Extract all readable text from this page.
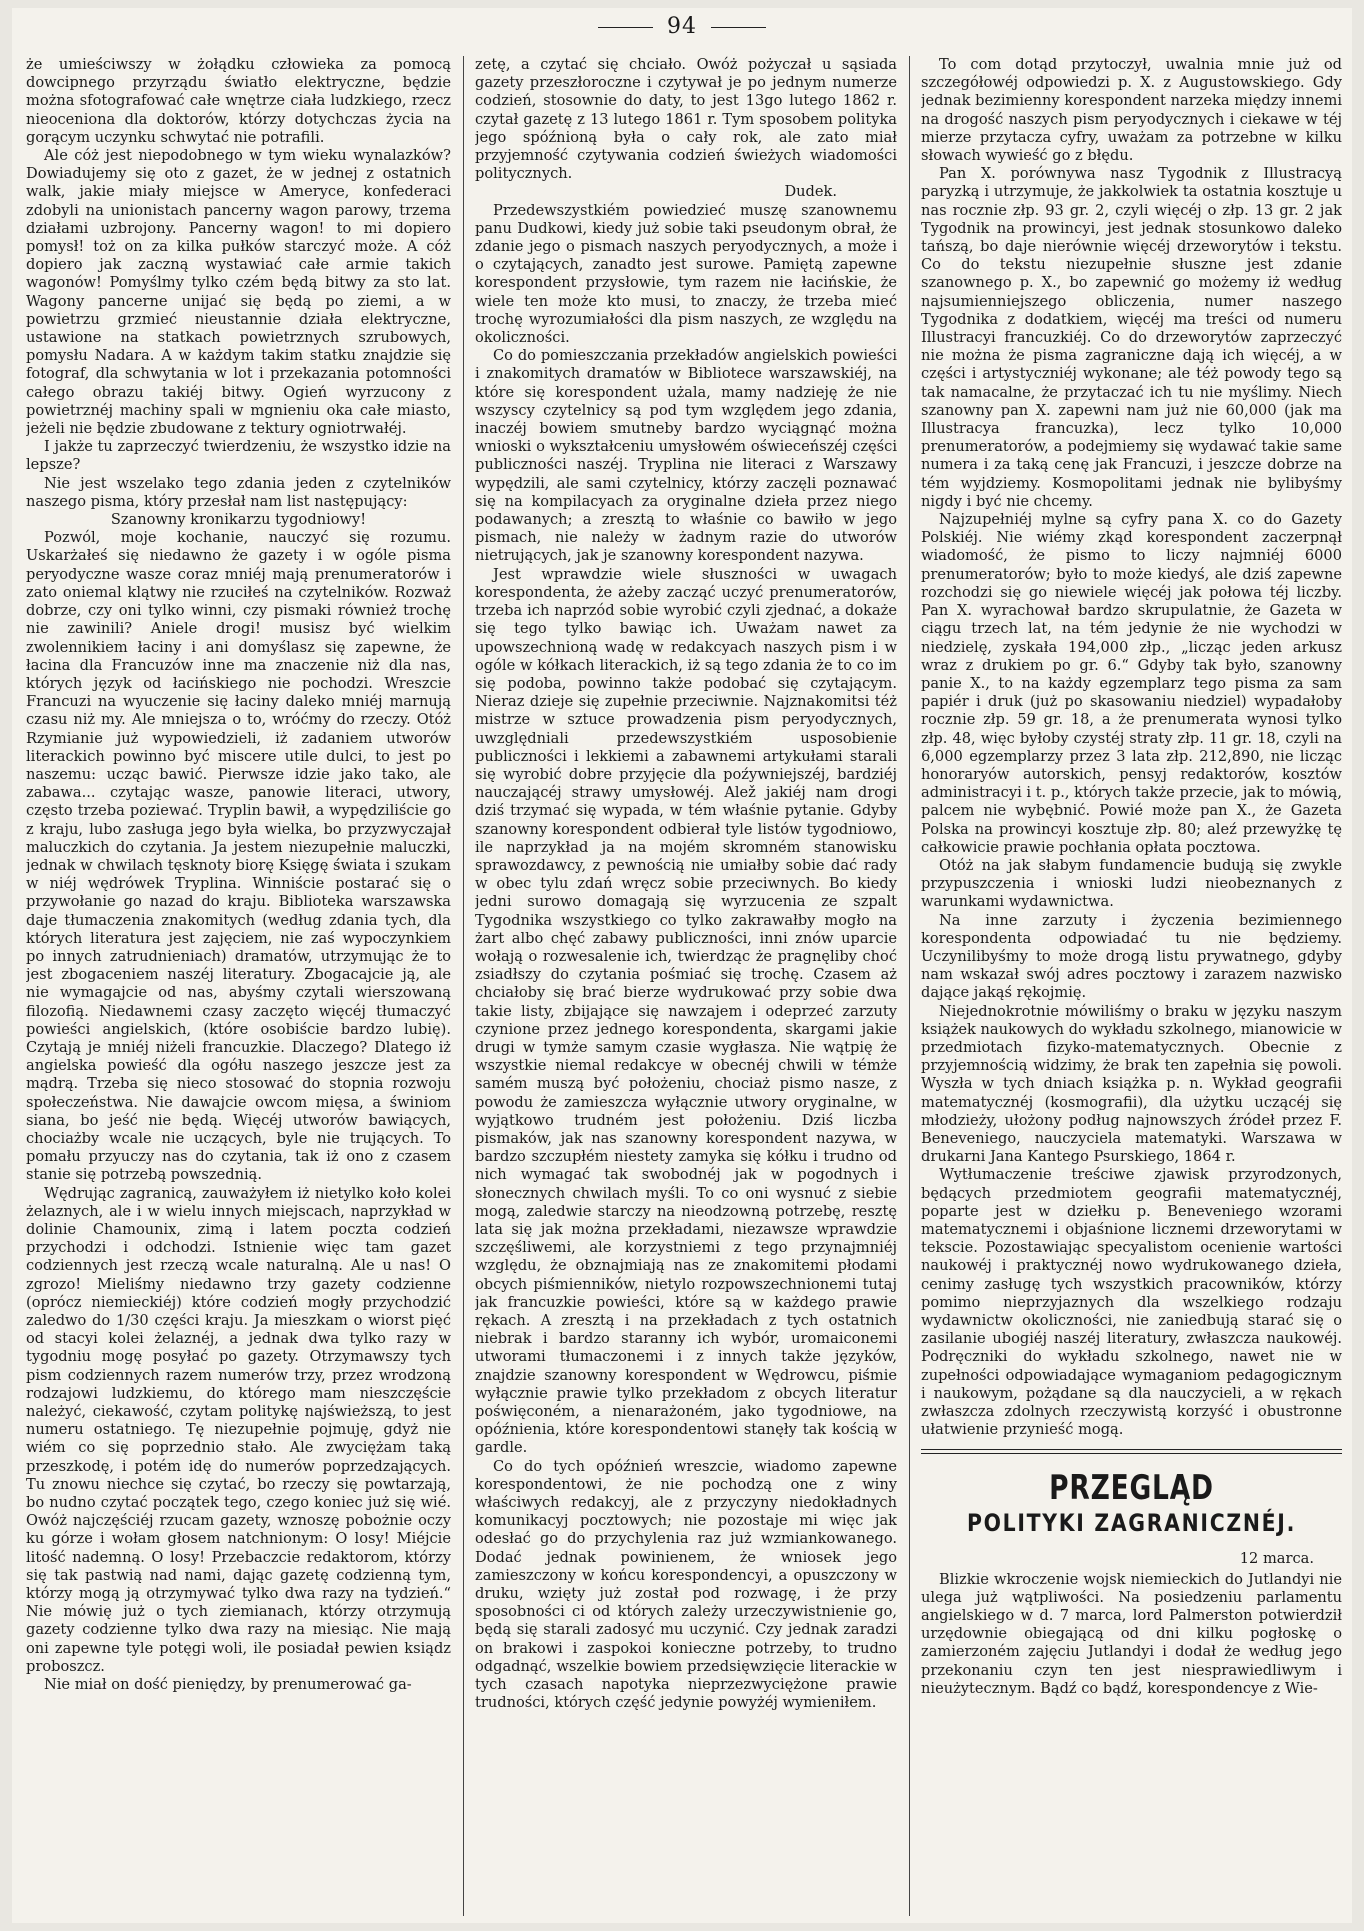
94

że umieściwszy w żołądku człowieka za pomocą dowcipnego przyrządu światło elektryczne, będzie można sfotografować całe wnętrze ciała ludzkiego, rzecz nieoceniona dla doktorów, którzy dotychczas życia na gorącym uczynku schwytać nie potrafili.

Ale cóż jest niepodobnego w tym wieku wynalazków? Dowiadujemy się oto z gazet, że w jednej z ostatnich walk, jakie miały miejsce w Ameryce, konfederaci zdobyli na unionistach pancerny wagon parowy, trzema działami uzbrojony. Pancerny wagon! to mi dopiero pomysł! toż on za kilka pułków starczyć może. A cóż dopiero jak zaczną wystawiać całe armie takich wagonów! Pomyślmy tylko czém będą bitwy za sto lat. Wagony pancerne unijać się będą po ziemi, a w powietrzu grzmieć nieustannie działa elektryczne, ustawione na statkach powietrznych szrubowych, pomysłu Nadara. A w każdym takim statku znajdzie się fotograf, dla schwytania w lot i przekazania potomności całego obrazu takiéj bitwy. Ogień wyrzucony z powietrznéj machiny spali w mgnieniu oka całe miasto, jeżeli nie będzie zbudowane z tektury ogniotrwałéj.

I jakże tu zaprzeczyć twierdzeniu, że wszystko idzie na lepsze?

Nie jest wszelako tego zdania jeden z czytelników naszego pisma, który przesłał nam list następujący:

Szanowny kronikarzu tygodniowy!

Pozwól, moje kochanie, nauczyć się rozumu. Uskarżałeś się niedawno że gazety i w ogóle pisma peryodyczne wasze coraz mniéj mają prenumeratorów i zato oniemal klątwy nie rzuciłeś na czytelników. Rozważ dobrze, czy oni tylko winni, czy pismaki również trochę nie zawinili? Aniele drogi! musisz być wielkim zwolennikiem łaciny i ani domyślasz się zapewne, że łacina dla Francuzów inne ma znaczenie niż dla nas, których język od łacińskiego nie pochodzi. Wreszcie Francuzi na wyuczenie się łaciny daleko mniéj marnują czasu niż my. Ale mniejsza o to, wróćmy do rzeczy. Otóż Rzymianie już wypowiedzieli, iż zadaniem utworów literackich powinno być miscere utile dulci, to jest po naszemu: ucząc bawić. Pierwsze idzie jako tako, ale zabawa... czytając wasze, panowie literaci, utwory, często trzeba poziewać. Tryplin bawił, a wypędziliście go z kraju, lubo zasługa jego była wielka, bo przyzwyczajał maluczkich do czytania. Ja jestem niezupełnie maluczki, jednak w chwilach tęsknoty biorę Księgę świata i szukam w niéj wędrówek Tryplina. Winniście postarać się o przywołanie go nazad do kraju. Biblioteka warszawska daje tłumaczenia znakomitych (według zdania tych, dla których literatura jest zajęciem, nie zaś wypoczynkiem po innych zatrudnieniach) dramatów, utrzymując że to jest zbogaceniem naszéj literatury. Zbogacajcie ją, ale nie wymagajcie od nas, abyśmy czytali wierszowaną filozofią. Niedawnemi czasy zaczęto więcéj tłumaczyć powieści angielskich, (które osobiście bardzo lubię). Czytają je mniéj niżeli francuzkie. Dlaczego? Dlatego iż angielska powieść dla ogółu naszego jeszcze jest za mądrą. Trzeba się nieco stosować do stopnia rozwoju społeczeństwa. Nie dawajcie owcom mięsa, a świniom siana, bo jeść nie będą. Więcéj utworów bawiących, chociażby wcale nie uczących, byle nie trujących. To pomału przyuczy nas do czytania, tak iż ono z czasem stanie się potrzebą powszednią.

Wędrując zagranicą, zauważyłem iż nietylko koło kolei żelaznych, ale i w wielu innych miejscach, naprzykład w dolinie Chamounix, zimą i latem poczta codzień przychodzi i odchodzi. Istnienie więc tam gazet codziennych jest rzeczą wcale naturalną. Ale u nas! O zgrozo! Mieliśmy niedawno trzy gazety codzienne (oprócz niemieckiéj) które codzień mogły przychodzić zaledwo do 1/30 części kraju. Ja mieszkam o wiorst pięć od stacyi kolei żelaznéj, a jednak dwa tylko razy w tygodniu mogę posyłać po gazety. Otrzymawszy tych pism codziennych razem numerów trzy, przez wrodzoną rodzajowi ludzkiemu, do którego mam nieszczęście należyć, ciekawość, czytam politykę najświeższą, to jest numeru ostatniego. Tę niezupełnie pojmuję, gdyż nie wiém co się poprzednio stało. Ale zwyciężam taką przeszkodę, i potém idę do numerów poprzedzających. Tu znowu niechce się czytać, bo rzeczy się powtarzają, bo nudno czytać początek tego, czego koniec już się wié. Owóż najczęściéj rzucam gazety, wznoszę pobożnie oczy ku górze i wołam głosem natchnionym: O losy! Miéjcie litość nademną. O losy! Przebaczcie redaktorom, którzy się tak pastwią nad nami, dając gazetę codzienną tym, którzy mogą ją otrzymywać tylko dwa razy na tydzień.“ Nie mówię już o tych ziemianach, którzy otrzymują gazety codzienne tylko dwa razy na miesiąc. Nie mają oni zapewne tyle potęgi woli, ile posiadał pewien ksiądz proboszcz.

Nie miał on dość pieniędzy, by prenumerować ga-

zetę, a czytać się chciało. Owóż pożyczał u sąsiada gazety przeszłoroczne i czytywał je po jednym numerze codzień, stosownie do daty, to jest 13go lutego 1862 r. czytał gazetę z 13 lutego 1861 r. Tym sposobem polityka jego spóźnioną była o cały rok, ale zato miał przyjemność czytywania codzień świeżych wiadomości politycznych.

Dudek.

Przedewszystkiém powiedzieć muszę szanownemu panu Dudkowi, kiedy już sobie taki pseudonym obrał, że zdanie jego o pismach naszych peryodycznych, a może i o czytających, zanadto jest surowe. Pamiętą zapewne korespondent przysłowie, tym razem nie łacińskie, że wiele ten może kto musi, to znaczy, że trzeba mieć trochę wyrozumiałości dla pism naszych, ze względu na okoliczności.

Co do pomieszczania przekładów angielskich powieści i znakomitych dramatów w Bibliotece warszawskiéj, na które się korespondent użala, mamy nadzieję że nie wszyscy czytelnicy są pod tym względem jego zdania, inaczéj bowiem smutneby bardzo wyciągnąć można wnioski o wykształceniu umysłowém oświeceńszéj części publiczności naszéj. Tryplina nie literaci z Warszawy wypędzili, ale sami czytelnicy, którzy zaczęli poznawać się na kompilacyach za oryginalne dzieła przez niego podawanych; a zresztą to właśnie co bawiło w jego pismach, nie należy w żadnym razie do utworów nietrujących, jak je szanowny korespondent nazywa.

Jest wprawdzie wiele słuszności w uwagach korespondenta, że ażeby zacząć uczyć prenumeratorów, trzeba ich naprzód sobie wyrobić czyli zjednać, a dokaże się tego tylko bawiąc ich. Uważam nawet za upowszechnioną wadę w redakcyach naszych pism i w ogóle w kółkach literackich, iż są tego zdania że to co im się podoba, powinno także podobać się czytającym. Nieraz dzieje się zupełnie przeciwnie. Najznakomitsi téż mistrze w sztuce prowadzenia pism peryodycznych, uwzględniali przedewszystkiém usposobienie publiczności i lekkiemi a zabawnemi artykułami starali się wyrobić dobre przyjęcie dla poźywniejszéj, bardziéj nauczającéj strawy umysłowéj. Alež jakiéj nam drogi dziś trzymać się wypada, w tém właśnie pytanie. Gdyby szanowny korespondent odbierał tyle listów tygodniowo, ile naprzykład ja na mojém skromném stanowisku sprawozdawcy, z pewnością nie umiałby sobie dać rady w obec tylu zdań wręcz sobie przeciwnych. Bo kiedy jedni surowo domagają się wyrzucenia ze szpalt Tygodnika wszystkiego co tylko zakrawałby mogło na żart albo chęć zabawy publiczności, inni znów uparcie wołają o rozwesalenie ich, twierdząc że pragnęliby choć zsiadłszy do czytania pośmiać się trochę. Czasem aż chciałoby się brać bierze wydrukować przy sobie dwa takie listy, zbijające się nawzajem i odeprzeć zarzuty czynione przez jednego korespondenta, skargami jakie drugi w tymże samym czasie wygłasza. Nie wątpię że wszystkie niemal redakcye w obecnéj chwili w témże samém muszą być położeniu, chociaż pismo nasze, z powodu że zamieszcza wyłącznie utwory oryginalne, w wyjątkowo trudném jest położeniu. Dziś liczba pismaków, jak nas szanowny korespondent nazywa, w bardzo szczupłém niestety zamyka się kółku i trudno od nich wymagać tak swobodnéj jak w pogodnych i słonecznych chwilach myśli. To co oni wysnuć z siebie mogą, zaledwie starczy na nieodzowną potrzebę, resztę lata się jak można przekładami, niezawsze wprawdzie szczęśliwemi, ale korzystniemi z tego przynajmniéj względu, że obznajmiają nas ze znakomitemi płodami obcych piśmienników, nietylo rozpowszechnionemi tutaj jak francuzkie powieści, które są w każdego prawie rękach. A zresztą i na przekładach z tych ostatnich niebrak i bardzo staranny ich wybór, uromaiconemi utworami tłumaczonemi i z innych także języków, znajdzie szanowny korespondent w Wędrowcu, piśmie wyłącznie prawie tylko przekładom z obcych literatur poświęconém, a nienarażoném, jako tygodniowe, na opóźnienia, które korespondentowi stanęły tak kością w gardle.

Co do tych opóźnień wreszcie, wiadomo zapewne korespondentowi, że nie pochodzą one z winy właściwych redakcyj, ale z przyczyny niedokładnych komunikacyj pocztowych; nie pozostaje mi więc jak odesłać go do przychylenia raz już wzmiankowanego. Dodać jednak powinienem, że wniosek jego zamieszczony w końcu korespondencyi, a opuszczony w druku, wzięty już został pod rozwagę, i że przy sposobności ci od których zależy urzeczywistnienie go, będą się starali zadosyć mu uczynić. Czy jednak zaradzi on brakowi i zaspokoi konieczne potrzeby, to trudno odgadnąć, wszelkie bowiem przedsięwzięcie literackie w tych czasach napotyka nieprzezwyciężone prawie trudności, których część jedynie powyżéj wymieniłem.

To com dotąd przytoczył, uwalnia mnie już od szczegółowéj odpowiedzi p. X. z Augustowskiego. Gdy jednak bezimienny korespondent narzeka między innemi na drogość naszych pism peryodycznych i ciekawe w téj mierze przytacza cyfry, uważam za potrzebne w kilku słowach wywieść go z błędu.

Pan X. porównywa nasz Tygodnik z Illustracyą paryzką i utrzymuje, że jakkolwiek ta ostatnia kosztuje u nas rocznie złp. 93 gr. 2, czyli więcéj o złp. 13 gr. 2 jak Tygodnik na prowincyi, jest jednak stosunkowo daleko tańszą, bo daje nierównie więcéj drzeworytów i tekstu. Co do tekstu niezupełnie słuszne jest zdanie szanownego p. X., bo zapewnić go możemy iż według najsumienniejszego obliczenia, numer naszego Tygodnika z dodatkiem, więcéj ma treści od numeru Illustracyi francuzkiéj. Co do drzeworytów zaprzeczyć nie można że pisma zagraniczne dają ich więcéj, a w części i artystyczniéj wykonane; ale téż powody tego są tak namacalne, że przytaczać ich tu nie myślimy. Niech szanowny pan X. zapewni nam już nie 60,000 (jak ma Illustracya francuzka), lecz tylko 10,000 prenumeratorów, a podejmiemy się wydawać takie same numera i za taką cenę jak Francuzi, i jeszcze dobrze na tém wyjdziemy. Kosmopolitami jednak nie bylibyśmy nigdy i być nie chcemy.

Najzupełniéj mylne są cyfry pana X. co do Gazety Polskiéj. Nie wiémy zkąd korespondent zaczerpnął wiadomość, że pismo to liczy najmniéj 6000 prenumeratorów; było to może kiedyś, ale dziś zapewne rozchodzi się go niewiele więcéj jak połowa téj liczby. Pan X. wyrachował bardzo skrupulatnie, że Gazeta w ciągu trzech lat, na tém jedynie że nie wychodzi w niedzielę, zyskała 194,000 złp., „licząc jeden arkusz wraz z drukiem po gr. 6.“ Gdyby tak było, szanowny panie X., to na każdy egzemplarz tego pisma za sam papiér i druk (już po skasowaniu niedziel) wypadałoby rocznie złp. 59 gr. 18, a że prenumerata wynosi tylko złp. 48, więc byłoby czystéj straty złp. 11 gr. 18, czyli na 6,000 egzemplarzy przez 3 lata złp. 212,890, nie licząc honoraryów autorskich, pensyj redaktorów, kosztów administracyi i t. p., których także przecie, jak to mówią, palcem nie wybębnić. Powié może pan X., że Gazeta Polska na prowincyi kosztuje złp. 80; aleź przewyżkę tę całkowicie prawie pochłania opłata pocztowa.

Otóż na jak słabym fundamencie budują się zwykle przypuszczenia i wnioski ludzi nieobeznanych z warunkami wydawnictwa.

Na inne zarzuty i życzenia bezimiennego korespondenta odpowiadać tu nie będziemy. Uczynilibyśmy to może drogą listu prywatnego, gdyby nam wskazał swój adres pocztowy i zarazem nazwisko dające jakąś rękojmię.

Niejednokrotnie mówiliśmy o braku w języku naszym książek naukowych do wykładu szkolnego, mianowicie w przedmiotach fizyko-matematycznych. Obecnie z przyjemnością widzimy, że brak ten zapełnia się powoli. Wyszła w tych dniach książka p. n. Wykład geografii matematycznéj (kosmografii), dla użytku uczącéj się młodzieży, ułożony podług najnowszych źródeł przez F. Beneveniego, nauczyciela matematyki. Warszawa w drukarni Jana Kantego Psurskiego, 1864 r.

Wytłumaczenie treściwe zjawisk przyrodzonych, będących przedmiotem geografii matematycznéj, poparte jest w dziełku p. Beneveniego wzorami matematycznemi i objaśnione licznemi drzeworytami w tekscie. Pozostawiając specyalistom ocenienie wartości naukowéj i praktycznéj nowo wydrukowanego dzieła, cenimy zasługę tych wszystkich pracowników, którzy pomimo nieprzyjaznych dla wszelkiego rodzaju wydawnictw okoliczności, nie zaniedbują starać się o zasilanie ubogiéj naszéj literatury, zwłaszcza naukowéj. Podręczniki do wykładu szkolnego, nawet nie w zupełności odpowiadające wymaganiom pedagogicznym i naukowym, pożądane są dla nauczycieli, a w rękach zwłaszcza zdolnych rzeczywistą korzyść i obustronne ułatwienie przynieść mogą.

PRZEGLĄD
POLITYKI ZAGRANICZNÉJ.
12 marca.

Blizkie wkroczenie wojsk niemieckich do Jutlandyi nie ulega już wątpliwości. Na posiedzeniu parlamentu angielskiego w d. 7 marca, lord Palmerston potwierdził urzędownie obiegającą od dni kilku pogłoskę o zamierzoném zajęciu Jutlandyi i dodał że według jego przekonaniu czyn ten jest niesprawiedliwym i nieużytecznym. Bądź co bądź, korespondencye z Wie-
